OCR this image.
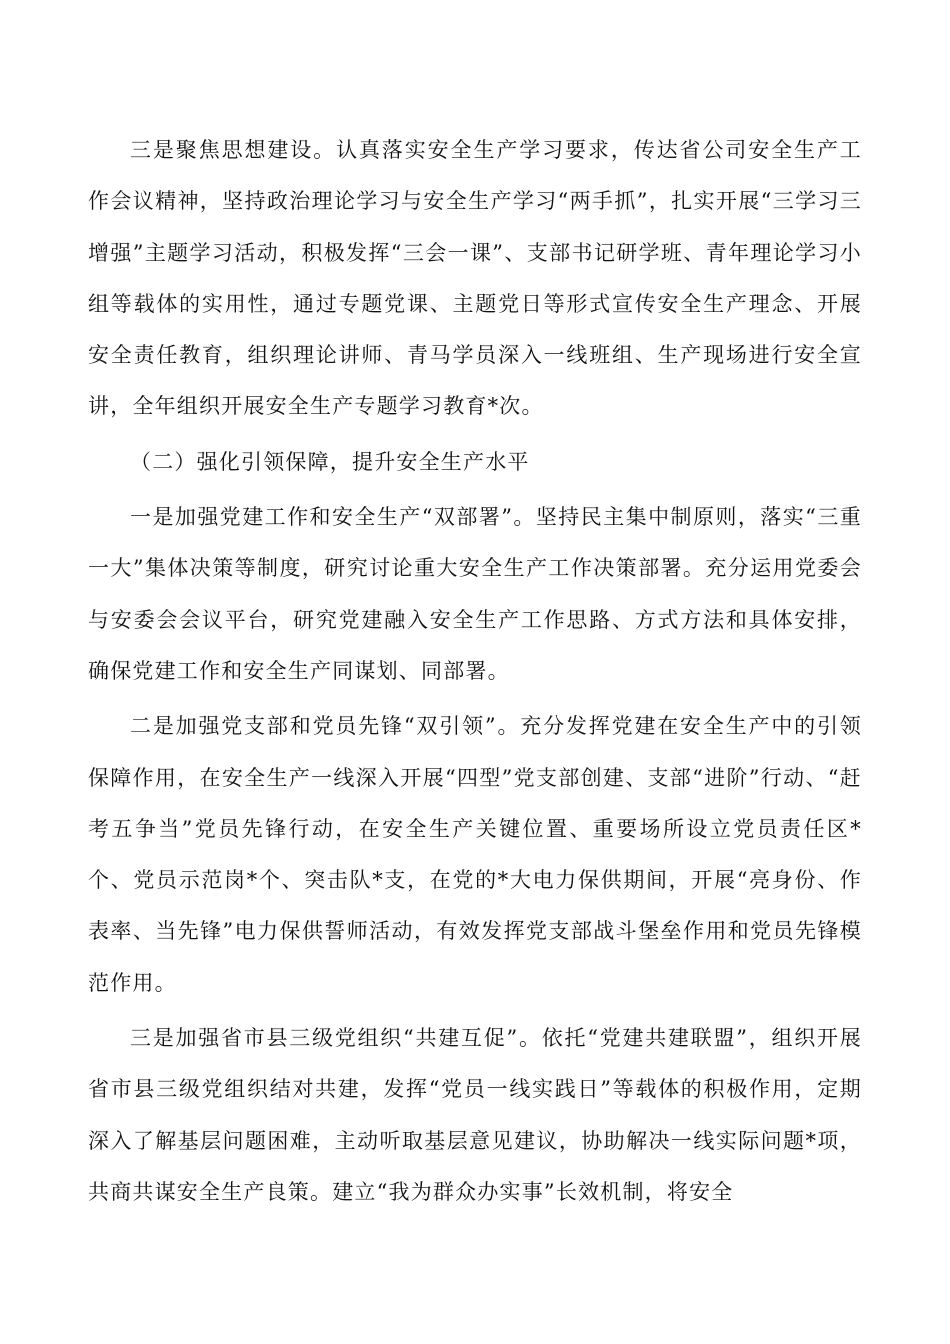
三是聚焦思想建设。认真落实安全生产学习要求，传达省公司安全生产工作会议精神，坚持政治理论学习与安全生产学习“两手抓”，扎实开展“三学习三增强”主题学习活动，积极发挥“三会一课”、支部书记研学班、青年理论学习小组等载体的实用性，通过专题党课、主题党日等形式宣传安全生产理念、开展安全责任教育，组织理论讲师、青马学员深入一线班组、生产现场进行安全宣讲，全年组织开展安全生产专题学习教育*次。

（二）强化引领保障，提升安全生产水平

一是加强党建工作和安全生产“双部署”。坚持民主集中制原则，落实“三重一大”集体决策等制度，研究讨论重大安全生产工作决策部署。充分运用党委会与安委会会议平台，研究党建融入安全生产工作思路、方式方法和具体安排，确保党建工作和安全生产同谋划、同部署。

二是加强党支部和党员先锋“双引领”。充分发挥党建在安全生产中的引领保障作用，在安全生产一线深入开展“四型”党支部创建、支部“进阶”行动、“赶考五争当”党员先锋行动，在安全生产关键位置、重要场所设立党员责任区*个、党员示范岗*个、突击队*支，在党的*大电力保供期间，开展“亮身份、作表率、当先锋”电力保供誓师活动，有效发挥党支部战斗堡垒作用和党员先锋模范作用。

三是加强省市县三级党组织“共建互促”。依托“党建共建联盟”，组织开展省市县三级党组织结对共建，发挥“党员一线实践日”等载体的积极作用，定期深入了解基层问题困难，主动听取基层意见建议，协助解决一线实际问题*项，共商共谋安全生产良策。建立“我为群众办实事”长效机制，将安全
